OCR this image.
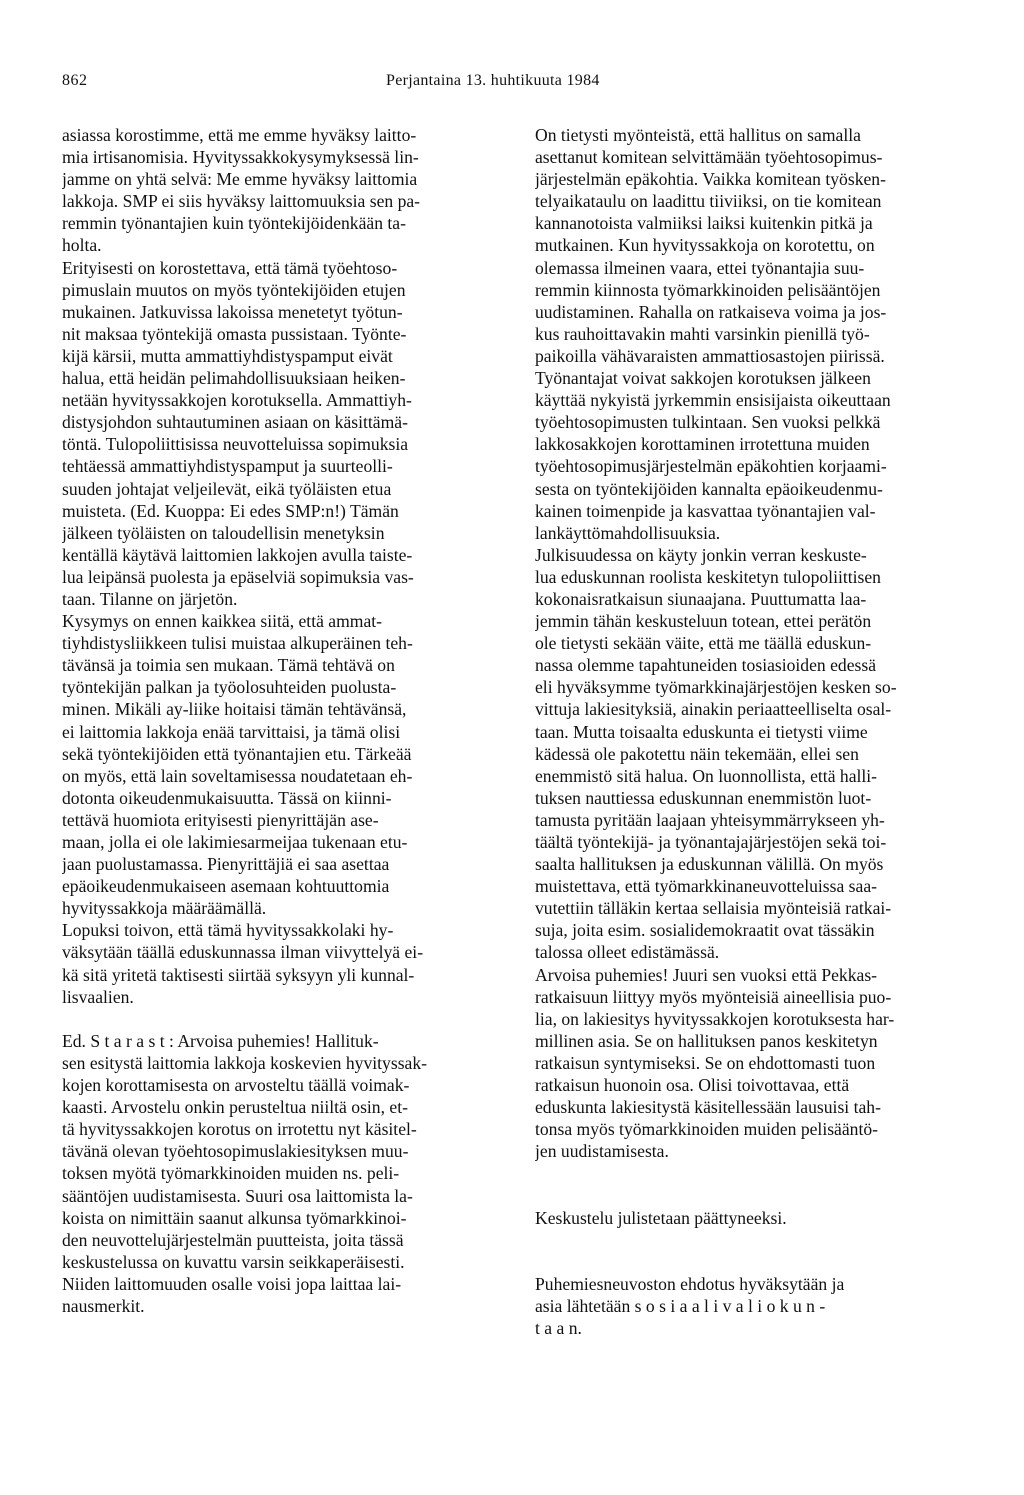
862	Perjantaina 13. huhtikuuta 1984
asiassa korostimme, että me emme hyväksy laitto-
mia irtisanomisia. Hyvityssakkokysymyksessä lin-
jamme on yhtä selvä: Me emme hyväksy laittomia
lakkoja. SMP ei siis hyväksy laittomuuksia sen pa-
remmin työnantajien kuin työntekijöidenkään ta-
holta.
Erityisesti on korostettava, että tämä työehtoso-
pimuslain muutos on myös työntekijöiden etujen
mukainen. Jatkuvissa lakoissa menetetyt työtun-
nit maksaa työntekijä omasta pussistaan. Työnte-
kijä kärsii, mutta ammattiyhdistyspamput eivät
halua, että heidän pelimahdollisuuksiaan heiken-
netään hyvityssakkojen korotuksella. Ammattiyh-
distysjohdon suhtautuminen asiaan on käsittämä-
töntä. Tulopoliittisissa neuvotteluissa sopimuksia
tehtäessä ammattiyhdistyspamput ja suurteolli-
suuden johtajat veljeilevät, eikä työläisten etua
muisteta. (Ed. Kuoppa: Ei edes SMP:n!) Tämän
jälkeen työläisten on taloudellisin menetyksin
kentällä käytävä laittomien lakkojen avulla taiste-
lua leipänsä puolesta ja epäselviä sopimuksia vas-
taan. Tilanne on järjetön.
Kysymys on ennen kaikkea siitä, että ammat-
tiyhdistysliikkeen tulisi muistaa alkuperäinen teh-
tävänsä ja toimia sen mukaan. Tämä tehtävä on
työntekijän palkan ja työolosuhteiden puolusta-
minen. Mikäli ay-liike hoitaisi tämän tehtävänsä,
ei laittomia lakkoja enää tarvittaisi, ja tämä olisi
sekä työntekijöiden että työnantajien etu. Tärkeää
on myös, että lain soveltamisessa noudatetaan eh-
dotonta oikeudenmukaisuutta. Tässä on kiinni-
tettävä huomiota erityisesti pienyrittäjän ase-
maan, jolla ei ole lakimiesarmeijaa tukenaan etu-
jaan puolustamassa. Pienyrittäjiä ei saa asettaa
epäoikeudenmukaiseen asemaan kohtuuttomia
hyvityssakkoja määräämällä.
Lopuksi toivon, että tämä hyvityssakkolaki hy-
väksytään täällä eduskunnassa ilman viivyttelyä ei-
kä sitä yritetä taktisesti siirtää syksyyn yli kunnal-
lisvaalien.
Ed. S t a r a s t : Arvoisa puhemies! Hallituk-
sen esitystä laittomia lakkoja koskevien hyvityssak-
kojen korottamisesta on arvosteltu täällä voimak-
kaasti. Arvostelu onkin perusteltua niiltä osin, et-
tä hyvityssakkojen korotus on irrotettu nyt käsitel-
tävänä olevan työehtosopimuslakiesityksen muu-
toksen myötä työmarkkinoiden muiden ns. peli-
sääntöjen uudistamisesta. Suuri osa laittomista la-
koista on nimittäin saanut alkunsa työmarkkinoi-
den neuvottelujärjestelmän puutteista, joita tässä
keskustelussa on kuvattu varsin seikkaperäisesti.
Niiden laittomuuden osalle voisi jopa laittaa lai-
nausmerkit.
On tietysti myönteistä, että hallitus on samalla
asettanut komitean selvittämään työehtosopimus-
järjestelmän epäkohtia. Vaikka komitean työsken-
telyaikataulu on laadittu tiiviiksi, on tie komitean
kannanotoista valmiiksi laiksi kuitenkin pitkä ja
mutkainen. Kun hyvityssakkoja on korotettu, on
olemassa ilmeinen vaara, ettei työnantajia suu-
remmin kiinnosta työmarkkinoiden pelisääntöjen
uudistaminen. Rahalla on ratkaiseva voima ja jos-
kus rauhoittavakin mahti varsinkin pienillä työ-
paikoilla vähävaraisten ammattiosastojen piirissä.
Työnantajat voivat sakkojen korotuksen jälkeen
käyttää nykyistä jyrkemmin ensisijaista oikeuttaan
työehtosopimusten tulkintaan. Sen vuoksi pelkkä
lakkosakkojen korottaminen irrotettuna muiden
työehtosopimusjärjestelmän epäkohtien korjaami-
sesta on työntekijöiden kannalta epäoikeudenmu-
kainen toimenpide ja kasvattaa työnantajien val-
lankäyttömahdollisuuksia.
Julkisuudessa on käyty jonkin verran keskuste-
lua eduskunnan roolista keskitetyn tulopoliittisen
kokonaisratkaisun siunaajana. Puuttumatta laa-
jemmin tähän keskusteluun totean, ettei perätön
ole tietysti sekään väite, että me täällä eduskun-
nassa olemme tapahtuneiden tosiasioiden edessä
eli hyväksymme työmarkkinajärjestöjen kesken so-
vittuja lakiesityksiä, ainakin periaatteelliselta osal-
taan. Mutta toisaalta eduskunta ei tietysti viime
kädessä ole pakotettu näin tekemään, ellei sen
enemmistö sitä halua. On luonnollista, että halli-
tuksen nauttiessa eduskunnan enemmistön luot-
tamusta pyritään laajaan yhteisymmärrykseen yh-
täältä työntekijä- ja työnantajajärjestöjen sekä toi-
saalta hallituksen ja eduskunnan välillä. On myös
muistettava, että työmarkkinaneuvotteluissa saa-
vutettiin tälläkin kertaa sellaisia myönteisiä ratkai-
suja, joita esim. sosialidemokraatit ovat tässäkin
talossa olleet edistämässä.
Arvoisa puhemies! Juuri sen vuoksi että Pekkas-
ratkaisuun liittyy myös myönteisiä aineellisia puo-
lia, on lakiesitys hyvityssakkojen korotuksesta har-
millinen asia. Se on hallituksen panos keskitetyn
ratkaisun syntymiseksi. Se on ehdottomasti tuon
ratkaisun huonoin osa. Olisi toivottavaa, että
eduskunta lakiesitystä käsitellessään lausuisi tah-
tonsa myös työmarkkinoiden muiden pelisääntö-
jen uudistamisesta.
Keskustelu julistetaan päättyneeksi.
Puhemiesneuvoston ehdotus hyväksytään ja
asia lähtetään s o s i a a l i v a l i o k u n -
t a a n.
